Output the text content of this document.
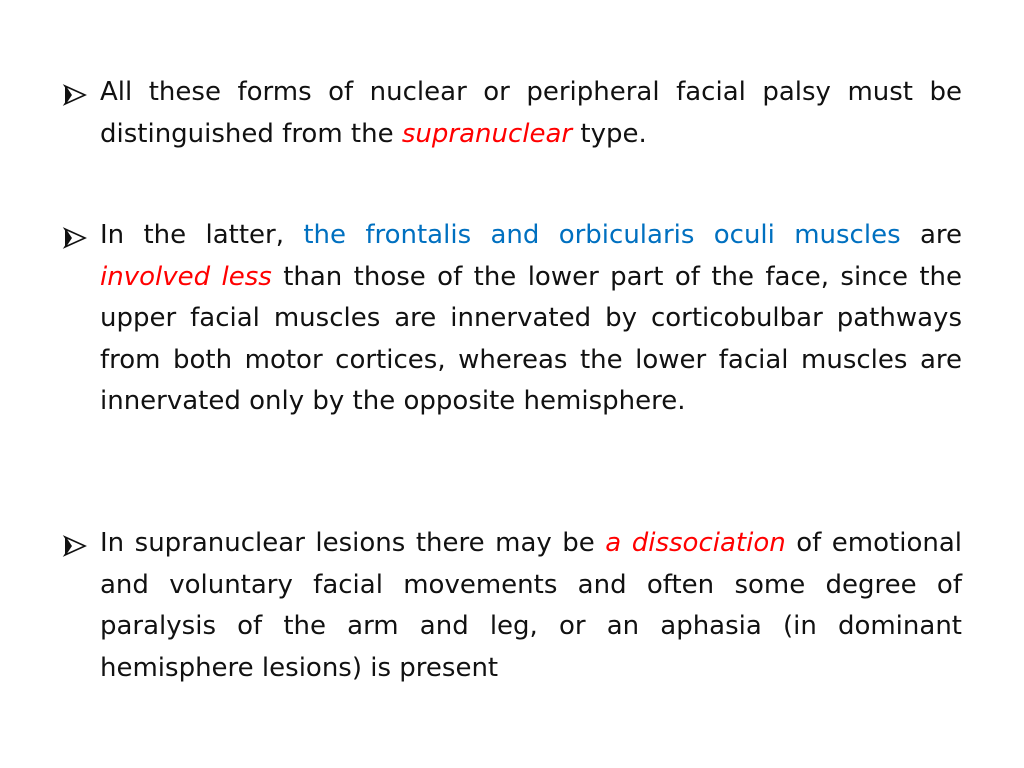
All these forms of nuclear or peripheral facial palsy must be distinguished from the supranuclear type.
In the latter, the frontalis and orbicularis oculi muscles are involved less than those of the lower part of the face, since the upper facial muscles are innervated by corticobulbar pathways from both motor cortices, whereas the lower facial muscles are innervated only by the opposite hemisphere.
In supranuclear lesions there may be a dissociation of emotional and voluntary facial movements and often some degree of paralysis of the arm and leg, or an aphasia (in dominant hemisphere lesions) is present
